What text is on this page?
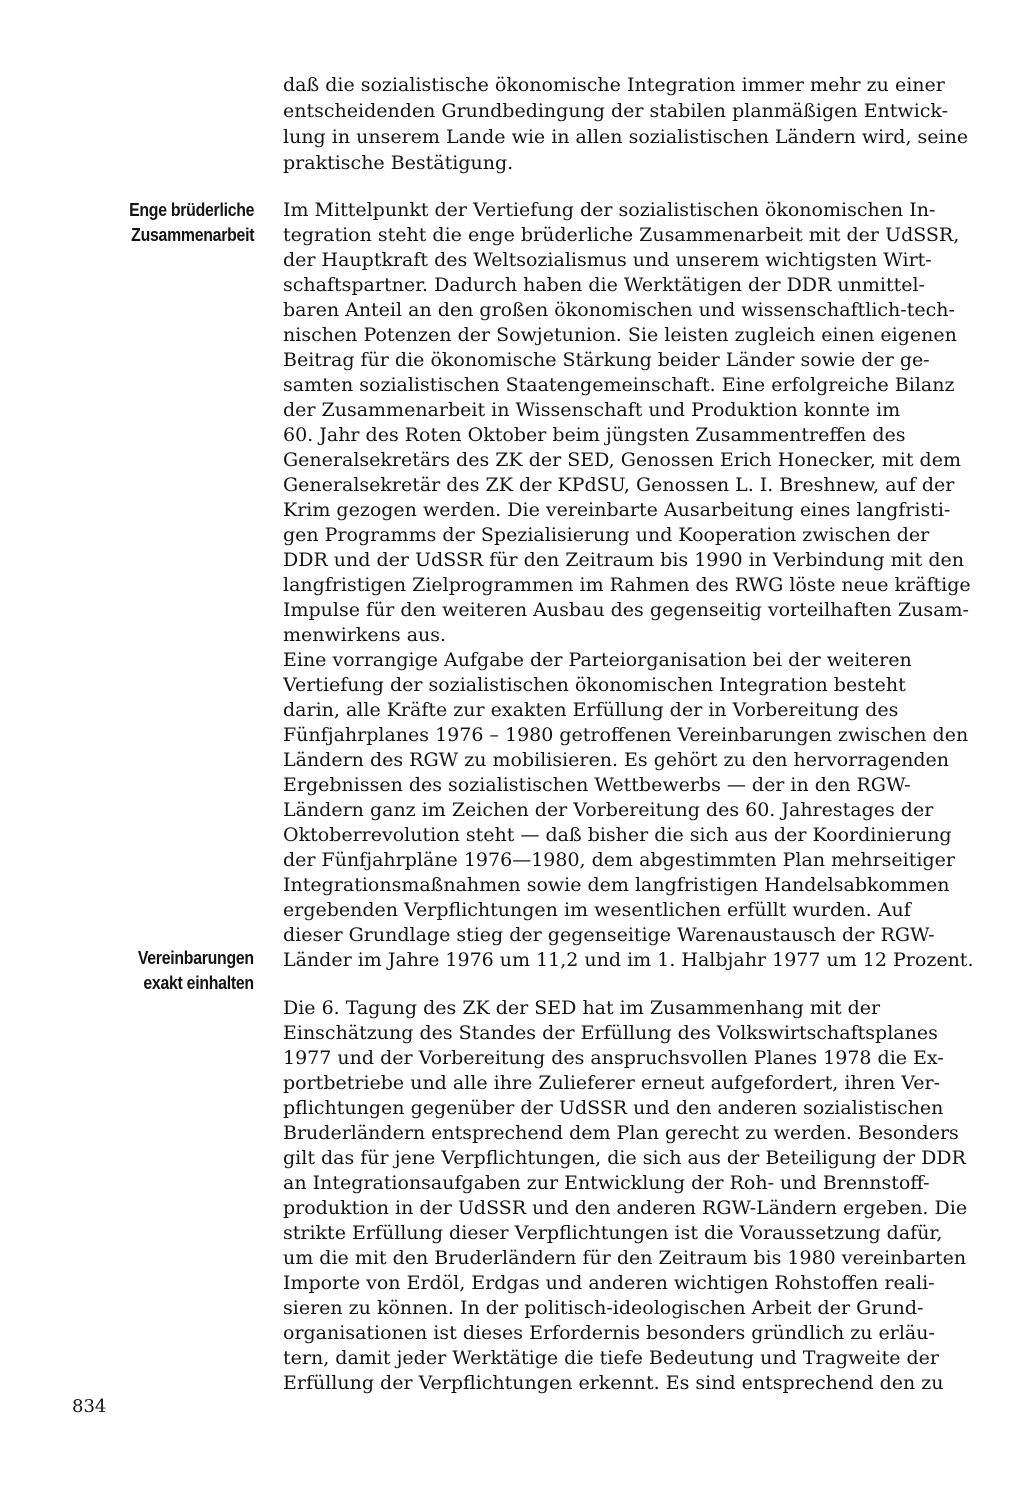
Enge brüderliche
Zusammenarbeit
Vereinbarungen
exakt einhalten
daß die sozialistische ökonomische Integration immer mehr zu einer
entscheidenden Grundbedingung der stabilen planmäßigen Entwick-
lung in unserem Lande wie in allen sozialistischen Ländern wird, seine
praktische Bestätigung.
Im Mittelpunkt der Vertiefung der sozialistischen ökonomischen In-
tegration steht die enge brüderliche Zusammenarbeit mit der UdSSR,
der Hauptkraft des Weltsozialismus und unserem wichtigsten Wirt-
schaftspartner. Dadurch haben die Werktätigen der DDR unmittel-
baren Anteil an den großen ökonomischen und wissenschaftlich-tech-
nischen Potenzen der Sowjetunion. Sie leisten zugleich einen eigenen
Beitrag für die ökonomische Stärkung beider Länder sowie der ge-
samten sozialistischen Staatengemeinschaft. Eine erfolgreiche Bilanz
der Zusammenarbeit in Wissenschaft und Produktion konnte im
60. Jahr des Roten Oktober beim jüngsten Zusammentreffen des
Generalsekretärs des ZK der SED, Genossen Erich Honecker, mit dem
Generalsekretär des ZK der KPdSU, Genossen L. I. Breshnew, auf der
Krim gezogen werden. Die vereinbarte Ausarbeitung eines langfristi-
gen Programms der Spezialisierung und Kooperation zwischen der
DDR und der UdSSR für den Zeitraum bis 1990 in Verbindung mit den
langfristigen Zielprogrammen im Rahmen des RWG löste neue kräftige
Impulse für den weiteren Ausbau des gegenseitig vorteilhaften Zusam-
menwirkens aus.
Eine vorrangige Aufgabe der Parteiorganisation bei der weiteren
Vertiefung der sozialistischen ökonomischen Integration besteht
darin, alle Kräfte zur exakten Erfüllung der in Vorbereitung des
Fünfjahrplanes 1976 – 1980 getroffenen Vereinbarungen zwischen den
Ländern des RGW zu mobilisieren. Es gehört zu den hervorragenden
Ergebnissen des sozialistischen Wettbewerbs — der in den RGW-
Ländern ganz im Zeichen der Vorbereitung des 60. Jahrestages der
Oktoberrevolution steht — daß bisher die sich aus der Koordinierung
der Fünfjahrpläne 1976—1980, dem abgestimmten Plan mehrseitiger
Integrationsmaßnahmen sowie dem langfristigen Handelsabkommen
ergebenden Verpflichtungen im wesentlichen erfüllt wurden. Auf
dieser Grundlage stieg der gegenseitige Warenaustausch der RGW-
Länder im Jahre 1976 um 11,2 und im 1. Halbjahr 1977 um 12 Prozent.
Die 6. Tagung des ZK der SED hat im Zusammenhang mit der
Einschätzung des Standes der Erfüllung des Volkswirtschaftsplanes
1977 und der Vorbereitung des anspruchsvollen Planes 1978 die Ex-
portbetriebe und alle ihre Zulieferer erneut aufgefordert, ihren Ver-
pflichtungen gegenüber der UdSSR und den anderen sozialistischen
Bruderländern entsprechend dem Plan gerecht zu werden. Besonders
gilt das für jene Verpflichtungen, die sich aus der Beteiligung der DDR
an Integrationsaufgaben zur Entwicklung der Roh- und Brennstoff-
produktion in der UdSSR und den anderen RGW-Ländern ergeben. Die
strikte Erfüllung dieser Verpflichtungen ist die Voraussetzung dafür,
um die mit den Bruderländern für den Zeitraum bis 1980 vereinbarten
Importe von Erdöl, Erdgas und anderen wichtigen Rohstoffen reali-
sieren zu können. In der politisch-ideologischen Arbeit der Grund-
organisationen ist dieses Erfordernis besonders gründlich zu erläu-
tern, damit jeder Werktätige die tiefe Bedeutung und Tragweite der
Erfüllung der Verpflichtungen erkennt. Es sind entsprechend den zu
834
